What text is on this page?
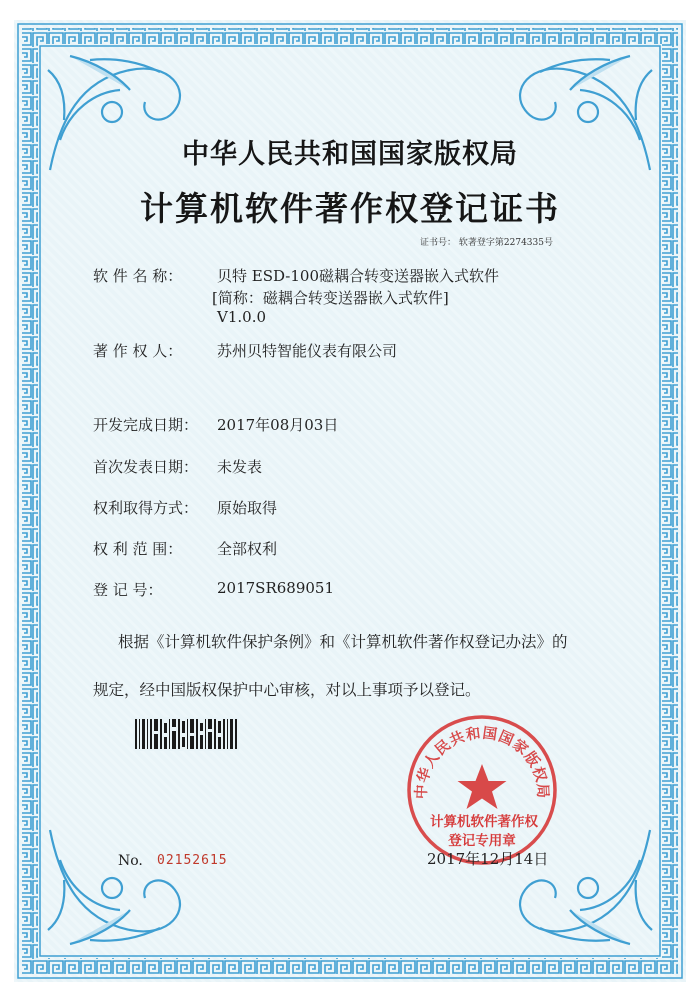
中华人民共和国国家版权局
计算机软件著作权登记证书
证书号： 软著登字第2274335号
软 件 名 称： 贝特 ESD-100磁耦合转变送器嵌入式软件
[简称：磁耦合转变送器嵌入式软件]
V1.0.0
著 作 权 人： 苏州贝特智能仪表有限公司
开发完成日期： 2017年08月03日
首次发表日期： 未发表
权利取得方式： 原始取得
权 利 范 围： 全部权利
登 记 号：	2017SR689051
根据《计算机软件保护条例》和《计算机软件著作权登记办法》的
规定，经中国版权保护中心审核，对以上事项予以登记。
中华人民共和国国家版权局
计算机软件著作权
登记专用章
No. 02152615	2017年12月14日
